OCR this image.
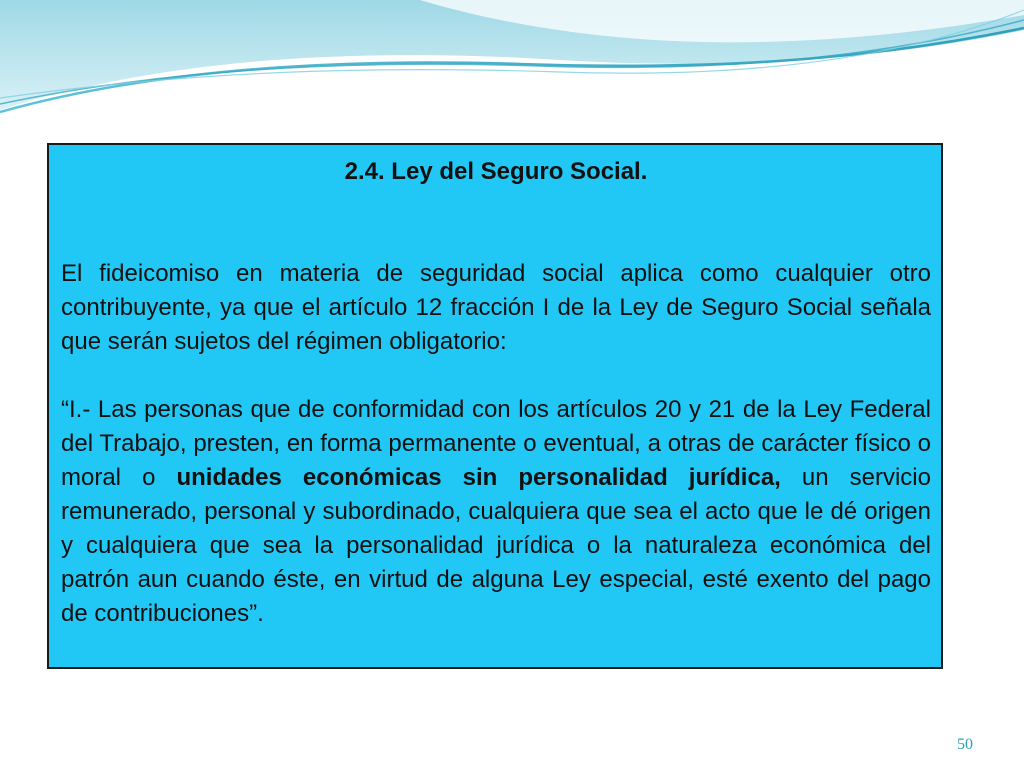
2.4. Ley del Seguro Social.

El fideicomiso en materia de seguridad social aplica como cualquier otro contribuyente, ya que el artículo 12 fracción I de la Ley de Seguro Social señala que serán sujetos del régimen obligatorio:

“I.- Las personas que de conformidad con los artículos 20 y 21 de la Ley Federal del Trabajo, presten, en forma permanente o eventual, a otras de carácter físico o moral o unidades económicas sin personalidad jurídica, un servicio remunerado, personal y subordinado, cualquiera que sea el acto que le dé origen y cualquiera que sea la personalidad jurídica o la naturaleza económica del patrón aun cuando éste, en virtud de alguna Ley especial, esté exento del pago de contribuciones”.

50
